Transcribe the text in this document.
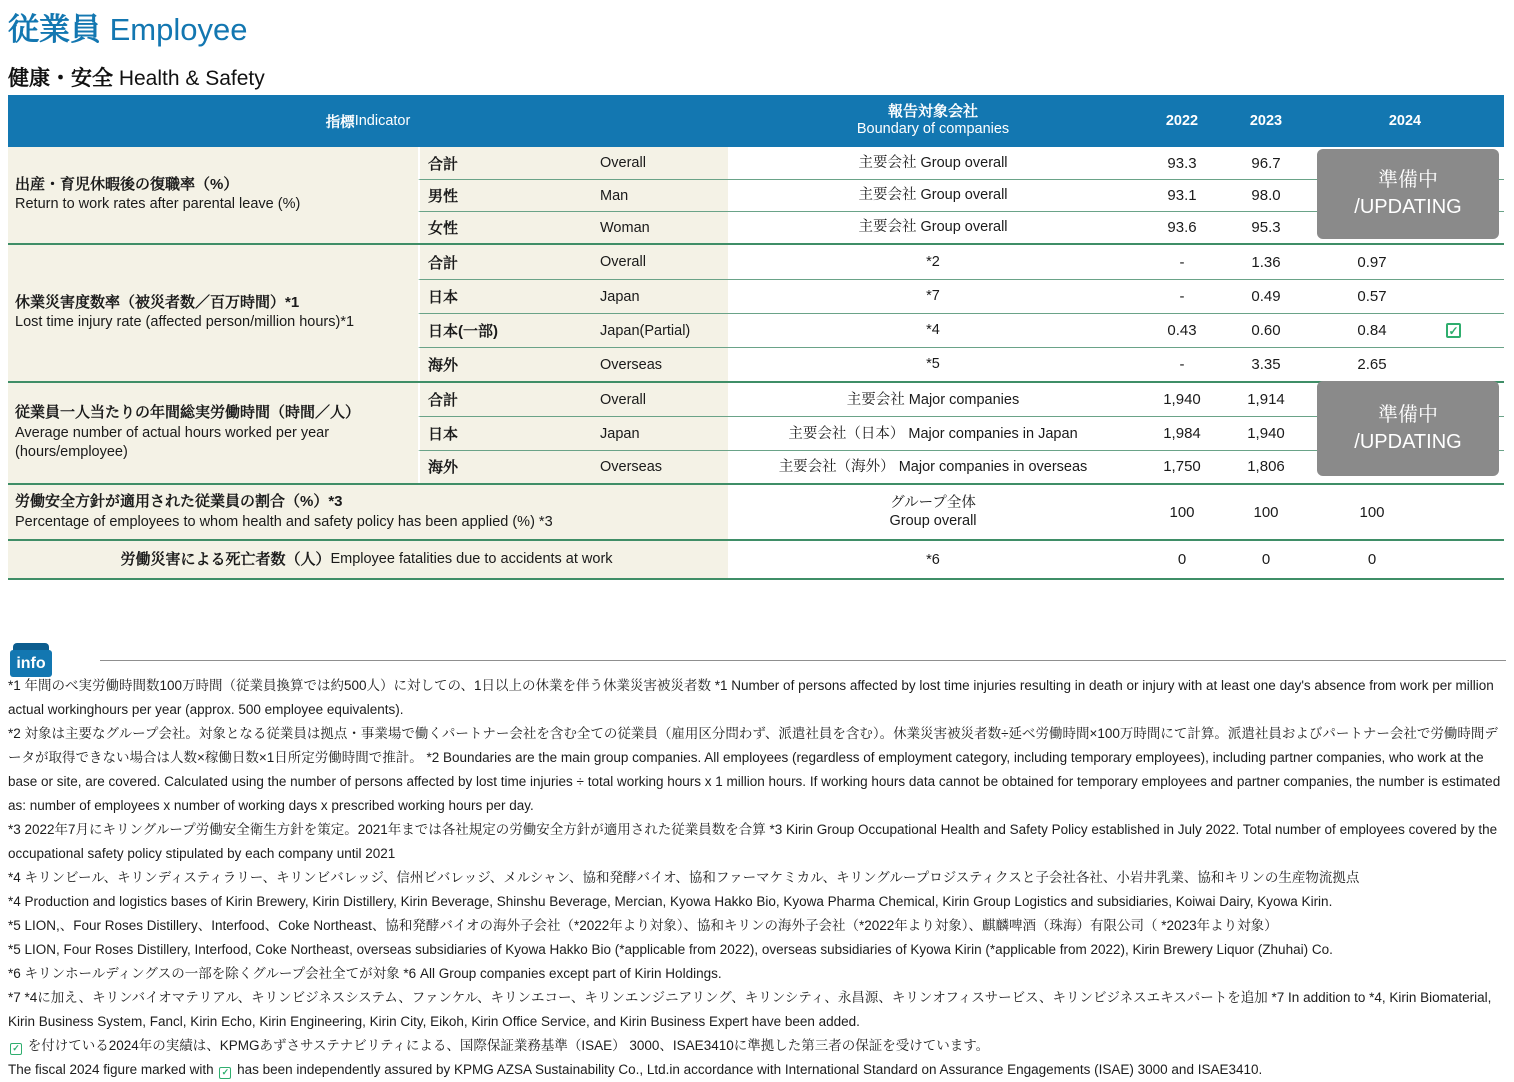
従業員 Employee
健康・安全 Health & Safety
指標 Indicator
報告対象会社
Boundary of companies
2022	2023	2024
出産・育児休暇後の復職率（%）
Return to work rates after parental leave (%)
合計	Overall	主要会社 Group overall	93.3	96.7
男性	Man	主要会社 Group overall	93.1	98.0
女性	Woman	主要会社 Group overall	93.6	95.3
休業災害度数率（被災者数／百万時間）*1
Lost time injury rate (affected person/million hours)*1
合計	Overall	*2	-	1.36	0.97
日本	Japan	*7	-	0.49	0.57
日本(一部)	Japan(Partial)	*4	0.43	0.60	0.84	✓
海外	Overseas	*5	-	3.35	2.65
従業員一人当たりの年間総実労働時間（時間／人）
Average number of actual hours worked per year (hours/employee)
合計	Overall	主要会社 Major companies	1,940	1,914
日本	Japan	主要会社（日本） Major companies in Japan	1,984	1,940
海外	Overseas	主要会社（海外） Major companies in overseas	1,750	1,806
労働安全方針が適用された従業員の割合（%）*3
Percentage of employees to whom health and safety policy has been applied (%) *3
グループ全体
Group overall
100	100	100
労働災害による死亡者数（人） Employee fatalities due to accidents at work	*6	0	0	0
準備中
/UPDATING
準備中
/UPDATING
info

*1 年間のべ実労働時間数100万時間（従業員換算では約500人）に対しての、1日以上の休業を伴う休業災害被災者数 *1 Number of persons affected by lost time injuries resulting in death or injury with at least one day's absence from work per million actual workinghours per year (approx. 500 employee equivalents).

*2 対象は主要なグループ会社。対象となる従業員は拠点・事業場で働くパートナー会社を含む全ての従業員（雇用区分問わず、派遣社員を含む）。休業災害被災者数÷延べ労働時間×100万時間にて計算。派遣社員およびパートナー会社で労働時間データが取得できない場合は人数×稼働日数×1日所定労働時間で推計。 *2 Boundaries are the main group companies. All employees (regardless of employment category, including temporary employees), including partner companies, who work at the base or site, are covered. Calculated using the number of persons affected by lost time injuries ÷ total working hours x 1 million hours. If working hours data cannot be obtained for temporary employees and partner companies, the number is estimated as: number of employees x number of working days x prescribed working hours per day.

*3 2022年7月にキリングループ労働安全衛生方針を策定。2021年までは各社規定の労働安全方針が適用された従業員数を合算 *3 Kirin Group Occupational Health and Safety Policy established in July 2022. Total number of employees covered by the occupational safety policy stipulated by each company until 2021

*4 キリンビール、キリンディスティラリー、キリンビバレッジ、信州ビバレッジ、メルシャン、協和発酵バイオ、協和ファーマケミカル、キリングループロジスティクスと子会社各社、小岩井乳業、協和キリンの生産物流拠点

*4 Production and logistics bases of Kirin Brewery, Kirin Distillery, Kirin Beverage, Shinshu Beverage, Mercian, Kyowa Hakko Bio, Kyowa Pharma Chemical, Kirin Group Logistics and subsidiaries, Koiwai Dairy, Kyowa Kirin.

*5 LION,、Four Roses Distillery、Interfood、Coke Northeast、協和発酵バイオの海外子会社（*2022年より対象）、協和キリンの海外子会社（*2022年より対象）、麒麟啤酒（珠海）有限公司（ *2023年より対象）

*5 LION, Four Roses Distillery, Interfood, Coke Northeast, overseas subsidiaries of Kyowa Hakko Bio (*applicable from 2022), overseas subsidiaries of Kyowa Kirin (*applicable from 2022), Kirin Brewery Liquor (Zhuhai) Co.

*6 キリンホールディングスの一部を除くグループ会社全てが対象 *6 All Group companies except part of Kirin Holdings.

*7 *4に加え、キリンバイオマテリアル、キリンビジネスシステム、ファンケル、キリンエコー、キリンエンジニアリング、キリンシティ、永昌源、キリンオフィスサービス、キリンビジネスエキスパートを追加 *7 In addition to *4, Kirin Biomaterial, Kirin Business System, Fancl, Kirin Echo, Kirin Engineering, Kirin City, Eikoh, Kirin Office Service, and Kirin Business Expert have been added.

✓ を付けている2024年の実績は、KPMGあずさサステナビリティによる、国際保証業務基準（ISAE） 3000、ISAE3410に準拠した第三者の保証を受けています。

The fiscal 2024 figure marked with ✓ has been independently assured by KPMG AZSA Sustainability Co., Ltd.in accordance with International Standard on Assurance Engagements (ISAE) 3000 and ISAE3410.
